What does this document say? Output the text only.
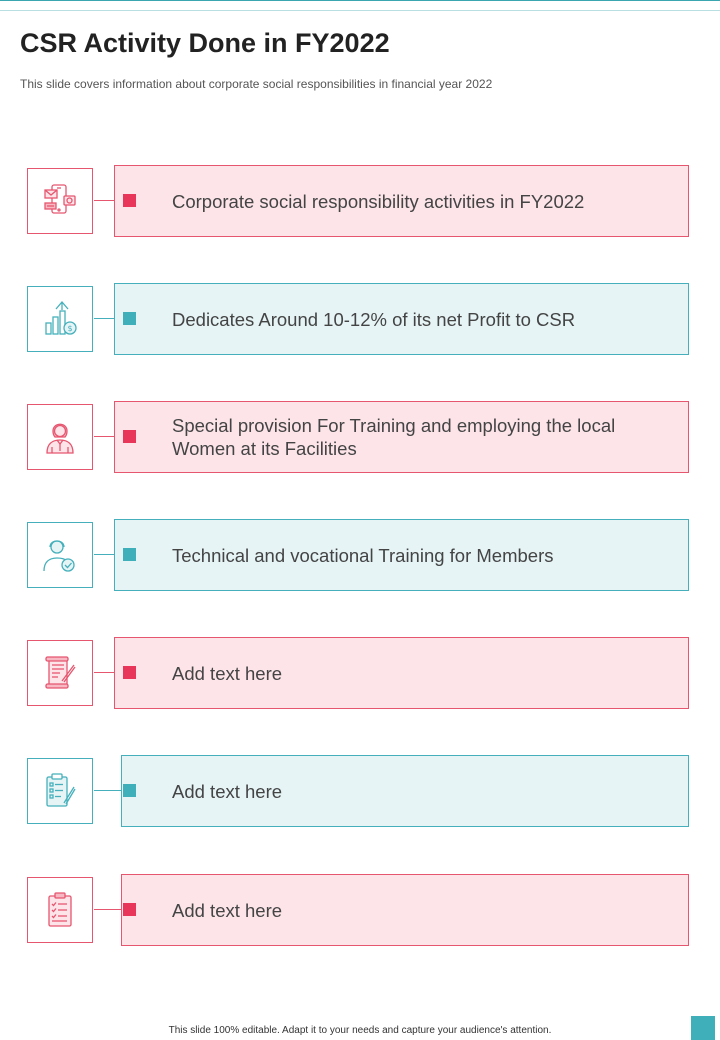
CSR Activity Done in FY2022
This slide covers information about corporate social responsibilities in financial year 2022
Corporate social responsibility activities in FY2022
$	Dedicates Around 10-12% of its net Profit to CSR
Special provision For Training and employing the local Women at its Facilities
Technical and vocational Training for Members
Add text here
Add text here
Add text here
This slide 100% editable. Adapt it to your needs and capture your audience's attention.
